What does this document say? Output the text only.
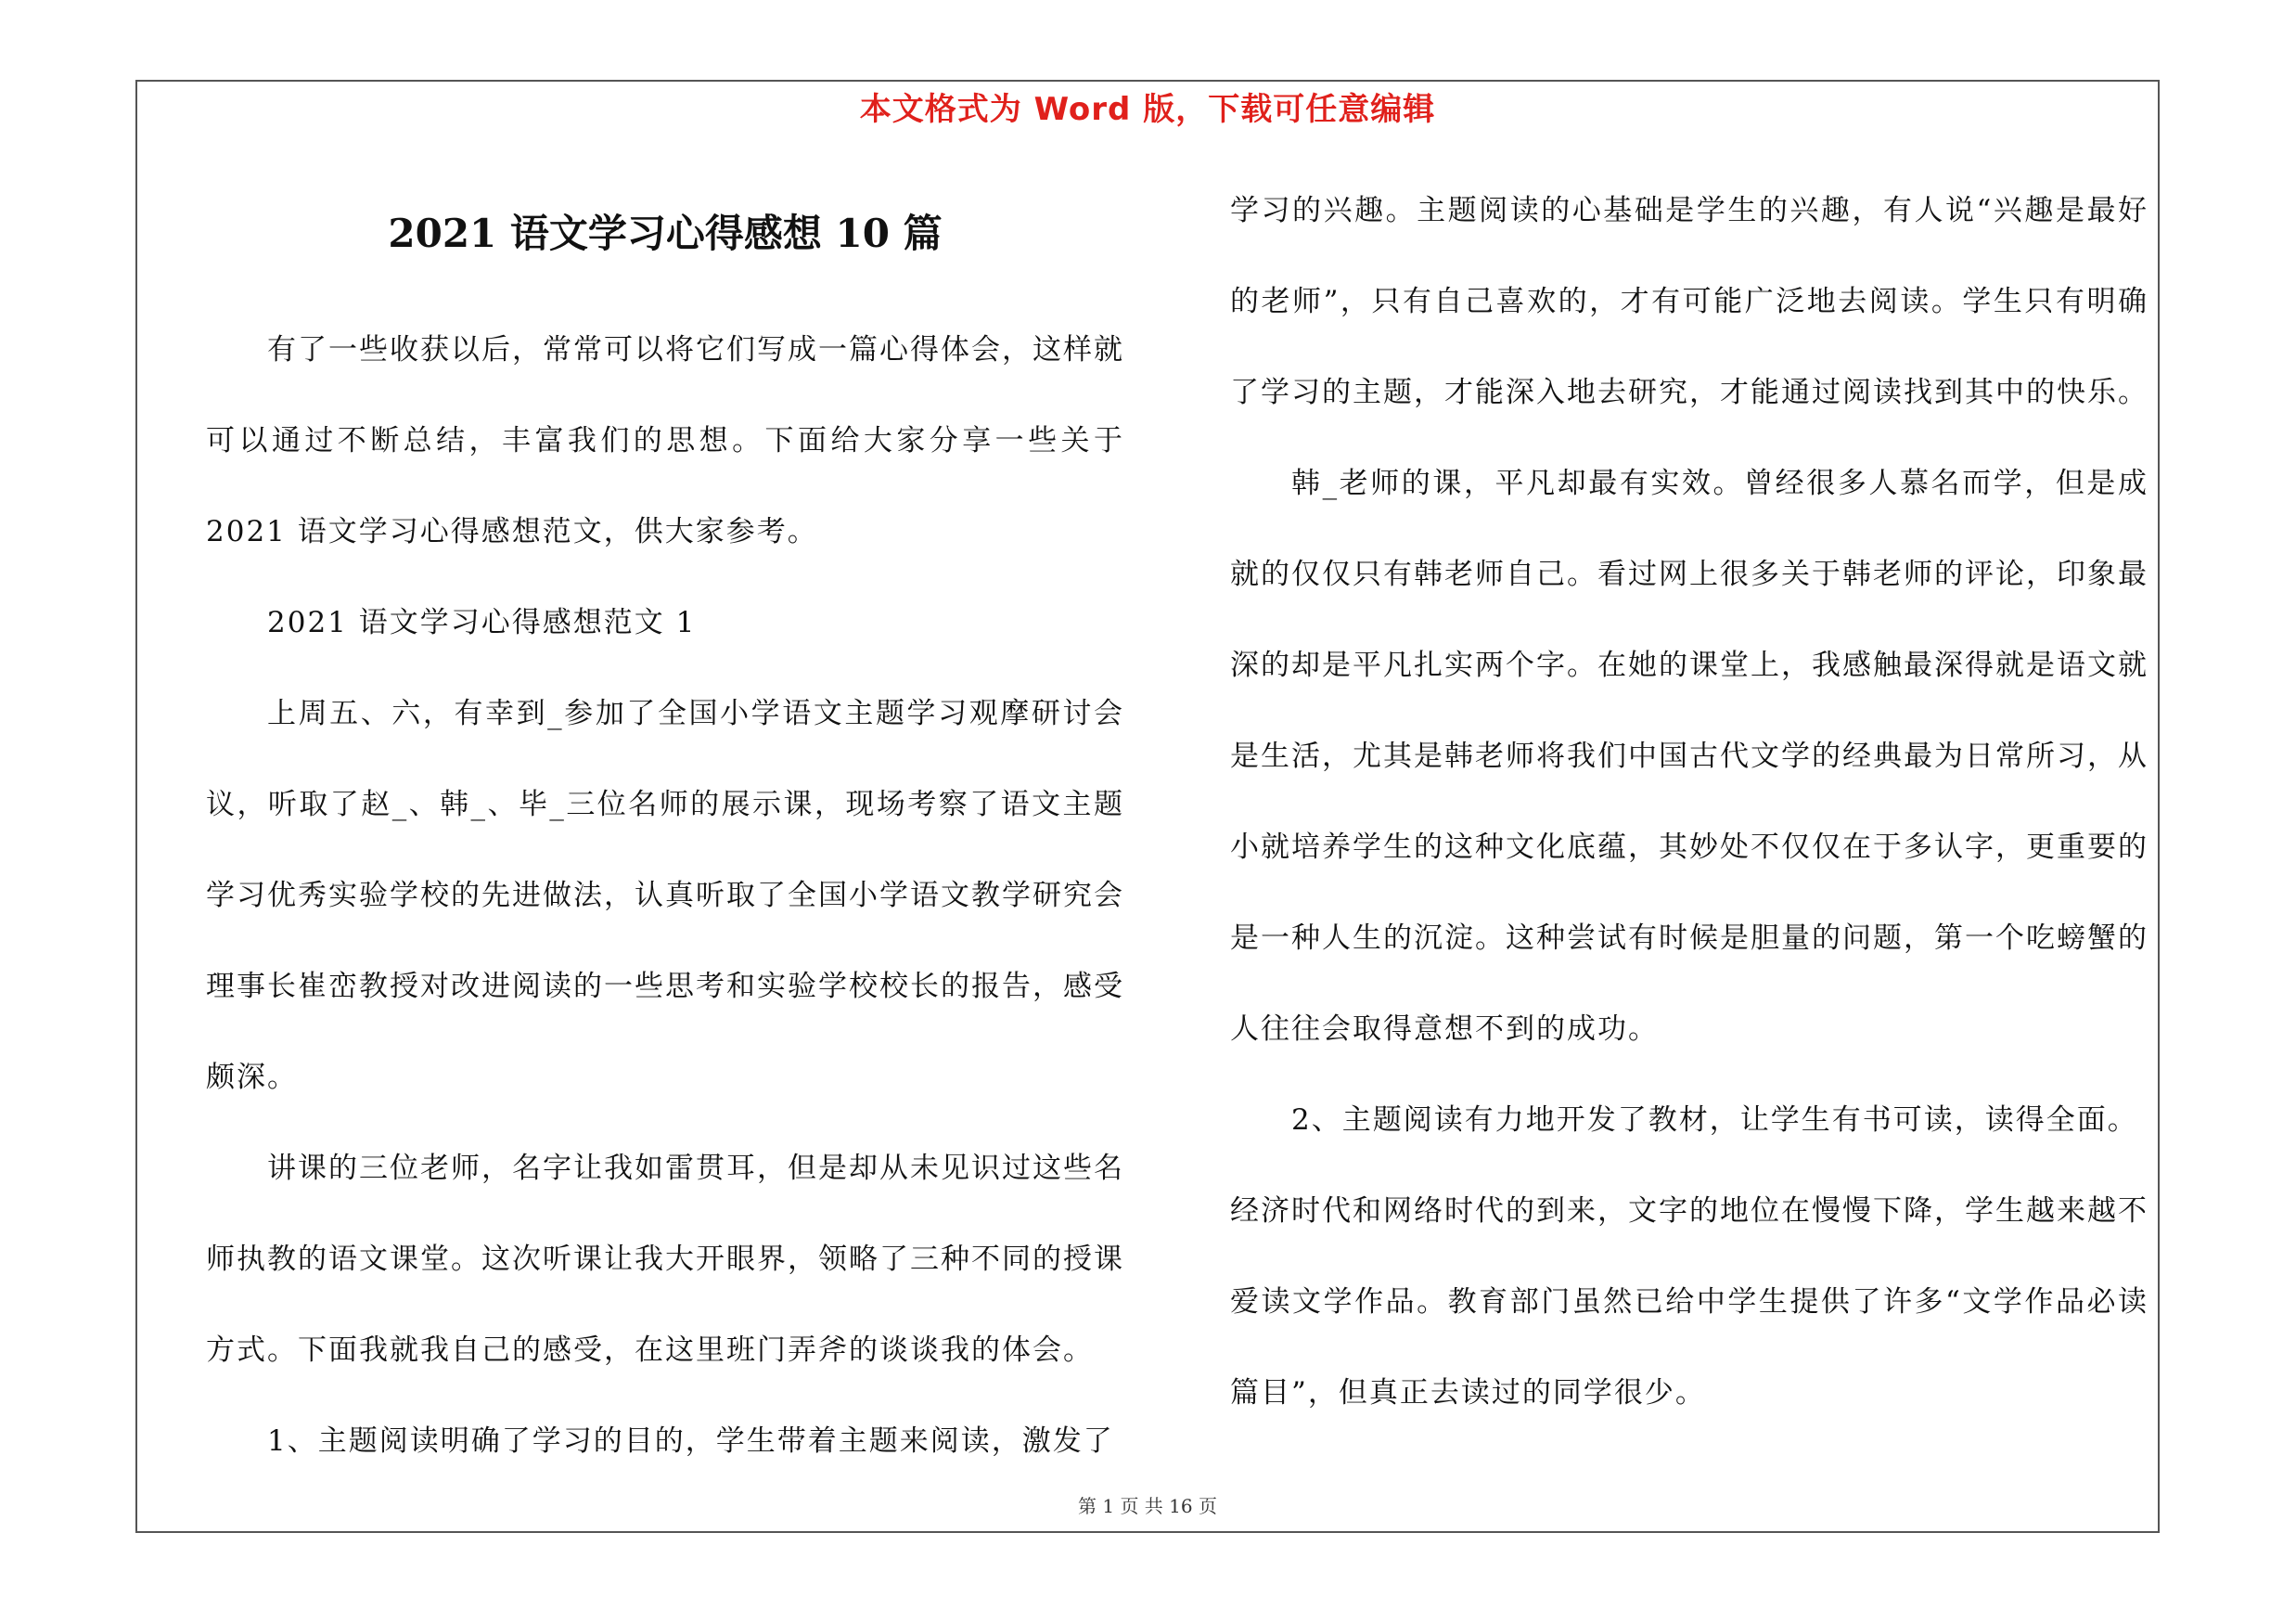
本文格式为 Word 版，下载可任意编辑
2021 语文学习心得感想 10 篇

有了一些收获以后，常常可以将它们写成一篇心得体会，这样就可以通过不断总结，丰富我们的思想。下面给大家分享一些关于 2021 语文学习心得感想范文，供大家参考。

2021 语文学习心得感想范文 1

上周五、六，有幸到_参加了全国小学语文主题学习观摩研讨会议，听取了赵_、韩_、毕_三位名师的展示课，现场考察了语文主题学习优秀实验学校的先进做法，认真听取了全国小学语文教学研究会理事长崔峦教授对改进阅读的一些思考和实验学校校长的报告，感受颇深。

讲课的三位老师，名字让我如雷贯耳，但是却从未见识过这些名师执教的语文课堂。这次听课让我大开眼界，领略了三种不同的授课方式。下面我就我自己的感受，在这里班门弄斧的谈谈我的体会。

1、主题阅读明确了学习的目的，学生带着主题来阅读，激发了

学习的兴趣。主题阅读的心基础是学生的兴趣，有人说“兴趣是最好的老师”，只有自己喜欢的，才有可能广泛地去阅读。学生只有明确了学习的主题，才能深入地去研究，才能通过阅读找到其中的快乐。

韩_老师的课，平凡却最有实效。曾经很多人慕名而学，但是成就的仅仅只有韩老师自己。看过网上很多关于韩老师的评论，印象最深的却是平凡扎实两个字。在她的课堂上，我感触最深得就是语文就是生活，尤其是韩老师将我们中国古代文学的经典最为日常所习，从小就培养学生的这种文化底蕴，其妙处不仅仅在于多认字，更重要的是一种人生的沉淀。这种尝试有时候是胆量的问题，第一个吃螃蟹的人往往会取得意想不到的成功。

2、主题阅读有力地开发了教材，让学生有书可读，读得全面。

经济时代和网络时代的到来，文字的地位在慢慢下降，学生越来越不爱读文学作品。教育部门虽然已给中学生提供了许多“文学作品必读篇目”，但真正去读过的同学很少。

第 1 页 共 16 页
